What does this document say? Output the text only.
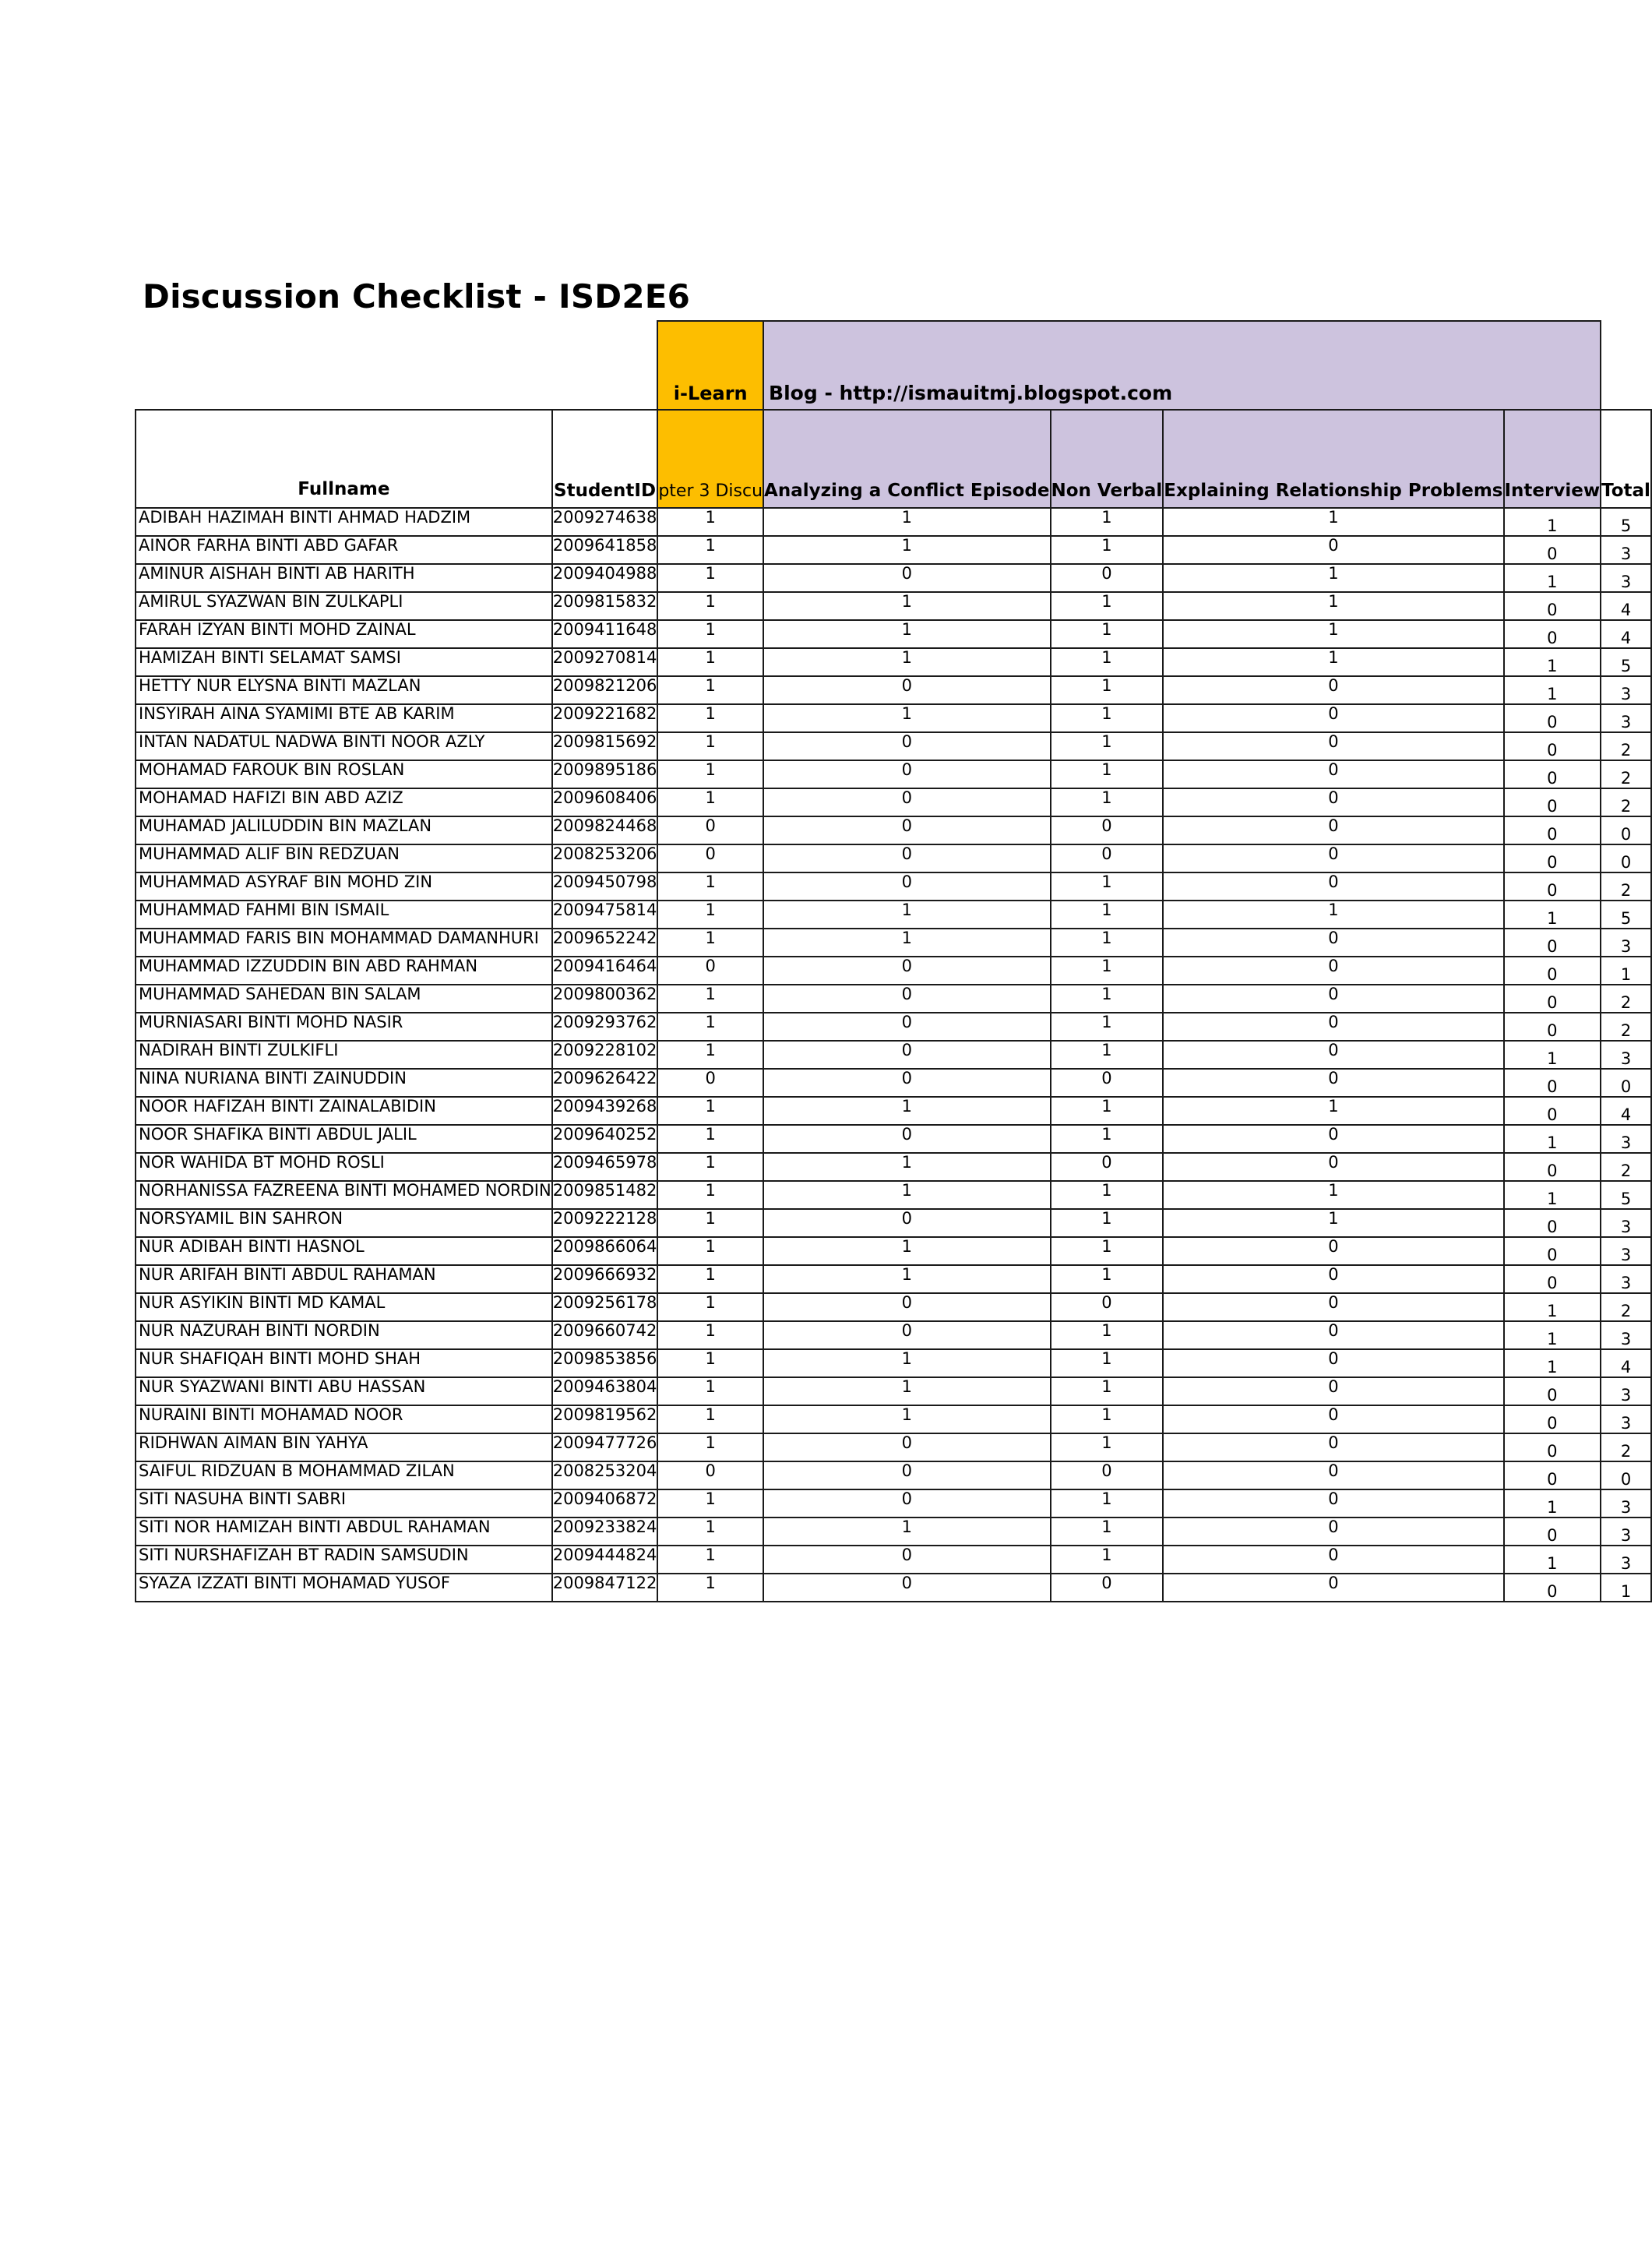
Discussion Checklist - ISD2E6
		i-Learn	Blog - http://ismauitmj.blogspot.com				
Fullname	StudentID	pter 3 Discu	Analyzing a Conflict Episode	Non Verbal	Explaining Relationship Problems	Interview	Total
ADIBAH HAZIMAH BINTI AHMAD HADZIM	2009274638	1	1	1	1	1	5
AINOR FARHA BINTI ABD GAFAR	2009641858	1	1	1	0	0	3
AMINUR AISHAH BINTI AB HARITH	2009404988	1	0	0	1	1	3
AMIRUL SYAZWAN BIN ZULKAPLI	2009815832	1	1	1	1	0	4
FARAH IZYAN BINTI MOHD ZAINAL	2009411648	1	1	1	1	0	4
HAMIZAH BINTI SELAMAT SAMSI	2009270814	1	1	1	1	1	5
HETTY NUR ELYSNA BINTI MAZLAN	2009821206	1	0	1	0	1	3
INSYIRAH AINA SYAMIMI BTE AB KARIM	2009221682	1	1	1	0	0	3
INTAN NADATUL NADWA BINTI NOOR AZLY	2009815692	1	0	1	0	0	2
MOHAMAD FAROUK BIN ROSLAN	2009895186	1	0	1	0	0	2
MOHAMAD HAFIZI BIN ABD AZIZ	2009608406	1	0	1	0	0	2
MUHAMAD JALILUDDIN BIN MAZLAN	2009824468	0	0	0	0	0	0
MUHAMMAD ALIF BIN REDZUAN	2008253206	0	0	0	0	0	0
MUHAMMAD ASYRAF BIN MOHD ZIN	2009450798	1	0	1	0	0	2
MUHAMMAD FAHMI BIN ISMAIL	2009475814	1	1	1	1	1	5
MUHAMMAD FARIS BIN MOHAMMAD DAMANHURI	2009652242	1	1	1	0	0	3
MUHAMMAD IZZUDDIN BIN ABD RAHMAN	2009416464	0	0	1	0	0	1
MUHAMMAD SAHEDAN BIN SALAM	2009800362	1	0	1	0	0	2
MURNIASARI BINTI MOHD NASIR	2009293762	1	0	1	0	0	2
NADIRAH BINTI ZULKIFLI	2009228102	1	0	1	0	1	3
NINA NURIANA BINTI ZAINUDDIN	2009626422	0	0	0	0	0	0
NOOR HAFIZAH BINTI ZAINALABIDIN	2009439268	1	1	1	1	0	4
NOOR SHAFIKA BINTI ABDUL JALIL	2009640252	1	0	1	0	1	3
NOR WAHIDA BT MOHD ROSLI	2009465978	1	1	0	0	0	2
NORHANISSA FAZREENA BINTI MOHAMED NORDIN	2009851482	1	1	1	1	1	5
NORSYAMIL BIN SAHRON	2009222128	1	0	1	1	0	3
NUR ADIBAH BINTI HASNOL	2009866064	1	1	1	0	0	3
NUR ARIFAH BINTI ABDUL RAHAMAN	2009666932	1	1	1	0	0	3
NUR ASYIKIN BINTI MD KAMAL	2009256178	1	0	0	0	1	2
NUR NAZURAH BINTI NORDIN	2009660742	1	0	1	0	1	3
NUR SHAFIQAH BINTI MOHD SHAH	2009853856	1	1	1	0	1	4
NUR SYAZWANI BINTI ABU HASSAN	2009463804	1	1	1	0	0	3
NURAINI BINTI MOHAMAD NOOR	2009819562	1	1	1	0	0	3
RIDHWAN AIMAN BIN YAHYA	2009477726	1	0	1	0	0	2
SAIFUL RIDZUAN B MOHAMMAD ZILAN	2008253204	0	0	0	0	0	0
SITI NASUHA BINTI SABRI	2009406872	1	0	1	0	1	3
SITI NOR HAMIZAH BINTI ABDUL RAHAMAN	2009233824	1	1	1	0	0	3
SITI NURSHAFIZAH BT RADIN SAMSUDIN	2009444824	1	0	1	0	1	3
SYAZA IZZATI BINTI MOHAMAD YUSOF	2009847122	1	0	0	0	0	1
